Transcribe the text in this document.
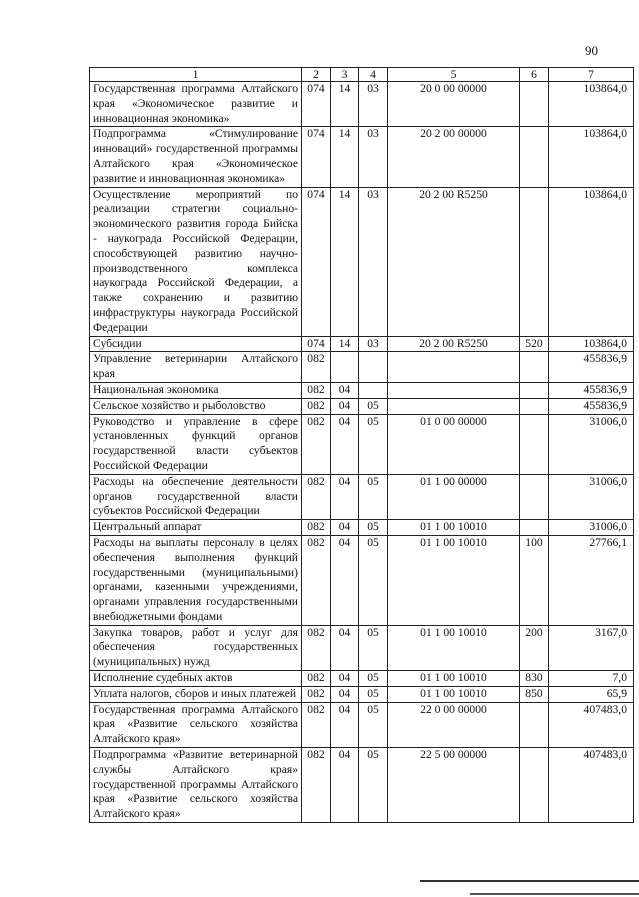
90
1	2	3	4	5	6	7
Государственная программа Алтайского края «Экономическое развитие и инновационная экономика»	074	14	03	20 0 00 00000		103864,0
Подпрограмма «Стимулирование инноваций» государственной программы Алтайского края «Экономическое развитие и инновационная экономика»	074	14	03	20 2 00 00000		103864,0
Осуществление мероприятий по реализации стратегии социально-экономического развития города Бийска - наукограда Российской Федерации, способствующей развитию научно-производственного комплекса наукограда Российской Федерации, а также сохранению и развитию инфраструктуры наукограда Российской Федерации	074	14	03	20 2 00 R5250		103864,0
Субсидии	074	14	03	20 2 00 R5250	520	103864,0
Управление ветеринарии Алтайского края	082					455836,9
Национальная экономика	082	04				455836,9
Сельское хозяйство и рыболовство	082	04	05			455836,9
Руководство и управление в сфере установленных функций органов государственной власти субъектов Российской Федерации	082	04	05	01 0 00 00000		31006,0
Расходы на обеспечение деятельности органов государственной власти субъектов Российской Федерации	082	04	05	01 1 00 00000		31006,0
Центральный аппарат	082	04	05	01 1 00 10010		31006,0
Расходы на выплаты персоналу в целях обеспечения выполнения функций государственными (муниципальными) органами, казенными учреждениями, органами управления государственными внебюджетными фондами	082	04	05	01 1 00 10010	100	27766,1
Закупка товаров, работ и услуг для обеспечения государственных (муниципальных) нужд	082	04	05	01 1 00 10010	200	3167,0
Исполнение судебных актов	082	04	05	01 1 00 10010	830	7,0
Уплата налогов, сборов и иных платежей	082	04	05	01 1 00 10010	850	65,9
Государственная программа Алтайского края «Развитие сельского хозяйства Алтайского края»	082	04	05	22 0 00 00000		407483,0
Подпрограмма «Развитие ветеринарной службы Алтайского края» государственной программы Алтайского края «Развитие сельского хозяйства Алтайского края»	082	04	05	22 5 00 00000		407483,0
